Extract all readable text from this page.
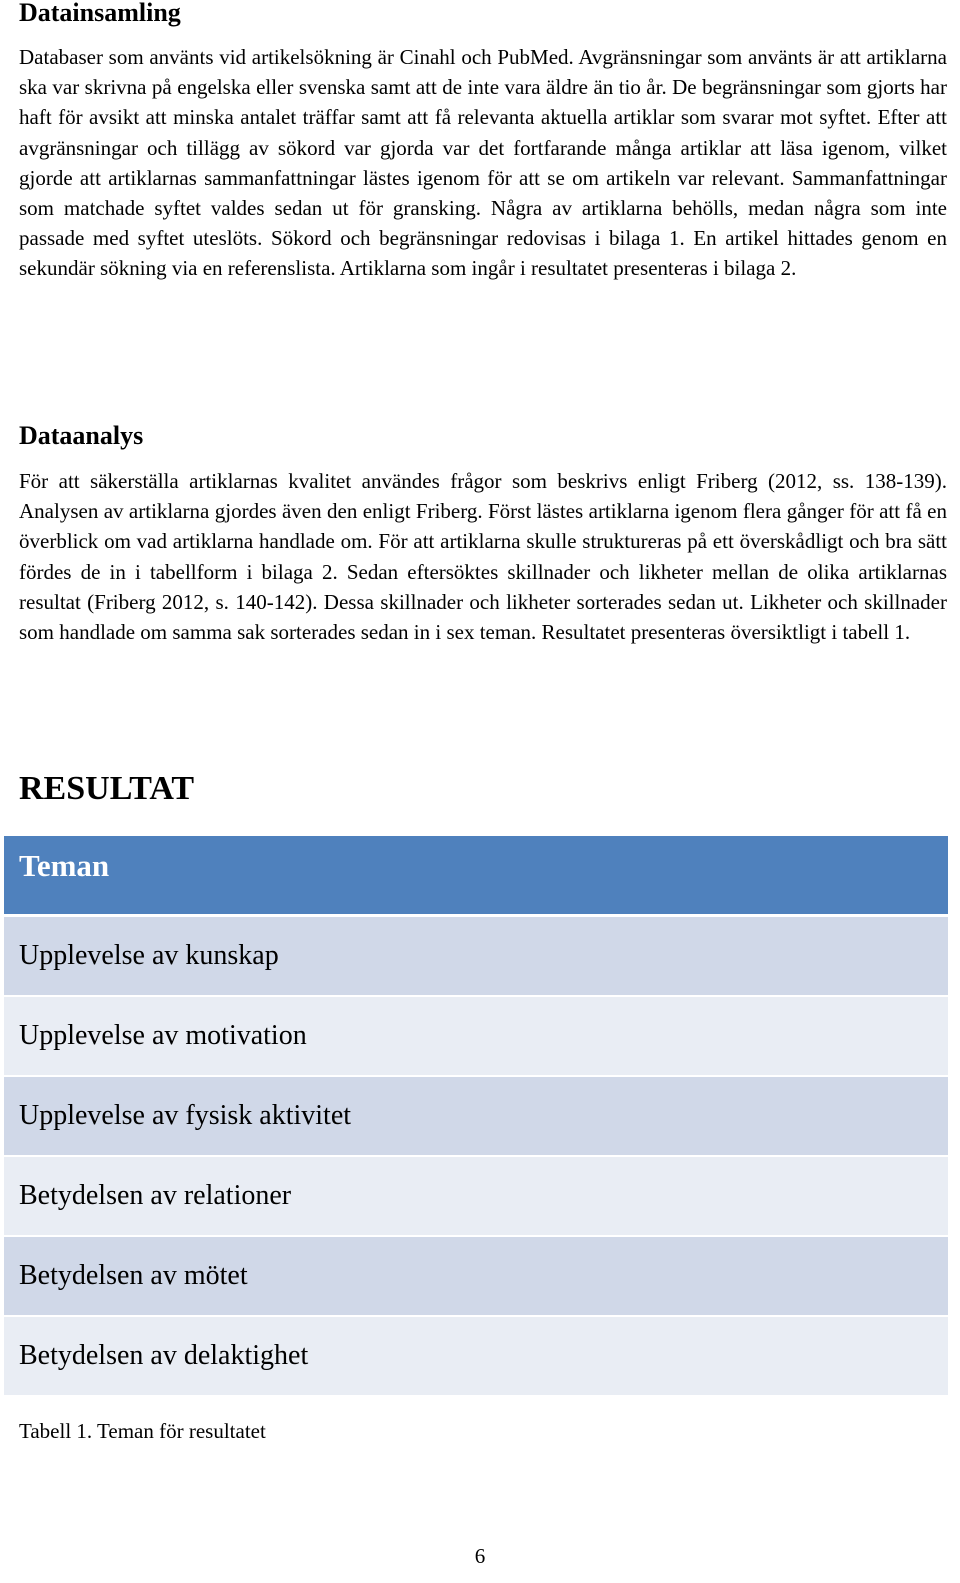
Datainsamling

Databaser som använts vid artikelsökning är Cinahl och PubMed. Avgränsningar som använts är att artiklarna ska var skrivna på engelska eller svenska samt att de inte vara äldre än tio år. De begränsningar som gjorts har haft för avsikt att minska antalet träffar samt att få relevanta aktuella artiklar som svarar mot syftet. Efter att avgränsningar och tillägg av sökord var gjorda var det fortfarande många artiklar att läsa igenom, vilket gjorde att artiklarnas sammanfattningar lästes igenom för att se om artikeln var relevant. Sammanfattningar som matchade syftet valdes sedan ut för gransking. Några av artiklarna behölls, medan några som inte passade med syftet uteslöts. Sökord och begränsningar redovisas i bilaga 1. En artikel hittades genom en sekundär sökning via en referenslista. Artiklarna som ingår i resultatet presenteras i bilaga 2.

Dataanalys

För att säkerställa artiklarnas kvalitet användes frågor som beskrivs enligt Friberg (2012, ss. 138-139). Analysen av artiklarna gjordes även den enligt Friberg. Först lästes artiklarna igenom flera gånger för att få en överblick om vad artiklarna handlade om. För att artiklarna skulle struktureras på ett överskådligt och bra sätt fördes de in i tabellform i bilaga 2. Sedan eftersöktes skillnader och likheter mellan de olika artiklarnas resultat (Friberg 2012, s. 140-142). Dessa skillnader och likheter sorterades sedan ut. Likheter och skillnader som handlade om samma sak sorterades sedan in i sex teman. Resultatet presenteras översiktligt i tabell 1.

RESULTAT
Tabell 1. Teman för resultatet
Teman
Upplevelse av kunskap
Upplevelse av motivation
Upplevelse av fysisk aktivitet
Betydelsen av relationer
Betydelsen av mötet
Betydelsen av delaktighet
6
